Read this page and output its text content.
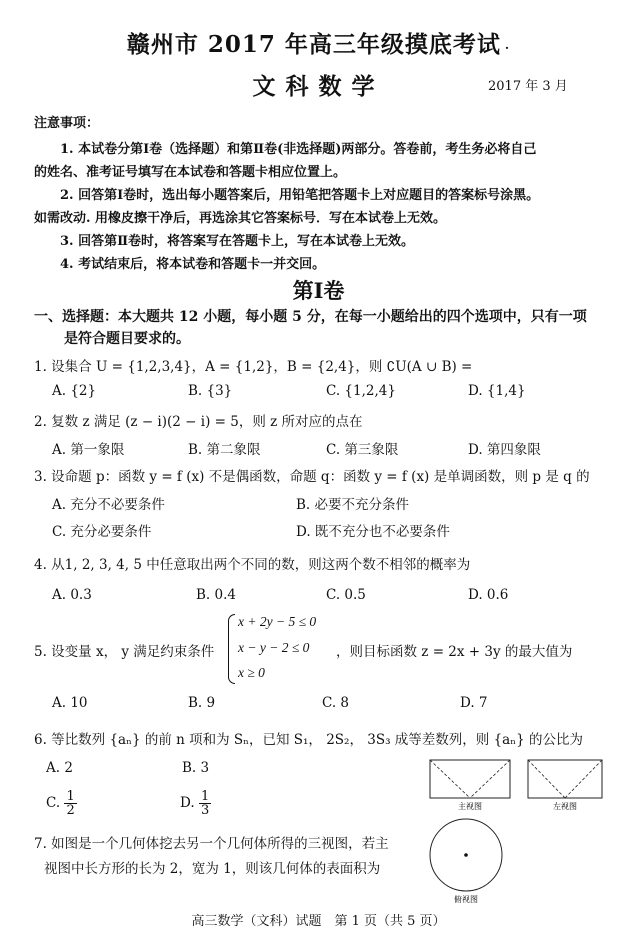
赣州市 2017 年高三年级摸底考试 ·
文科数学	2017 年 3 月
注意事项：
1. 本试卷分第Ⅰ卷（选择题）和第Ⅱ卷(非选择题)两部分。答卷前，考生务必将自己
的姓名、准考证号填写在本试卷和答题卡相应位置上。
2. 回答第Ⅰ卷时，选出每小题答案后，用铅笔把答题卡上对应题目的答案标号涂黑。
如需改动. 用橡皮擦干净后，再选涂其它答案标号．写在本试卷上无效。
3. 回答第Ⅱ卷时，将答案写在答题卡上，写在本试卷上无效。
4. 考试结束后，将本试卷和答题卡一并交回。
第Ⅰ卷
一、选择题：本大题共 12 小题，每小题 5 分，在每一小题给出的四个选项中，只有一项
是符合题目要求的。
1. 设集合 U = {1,2,3,4}，A = {1,2}，B = {2,4}，则 ∁U(A ∪ B) =
A. {2}	B. {3}	C. {1,2,4}	D. {1,4}
2. 复数 z 满足 (z − i)(2 − i) = 5，则 z 所对应的点在
A. 第一象限	B. 第二象限	C. 第三象限	D. 第四象限
3. 设命题 p：函数 y = f (x) 不是偶函数，命题 q：函数 y = f (x) 是单调函数，则 p 是 q 的
A. 充分不必要条件	B. 必要不充分条件
C. 充分必要条件	D. 既不充分也不必要条件
4. 从1, 2, 3, 4, 5 中任意取出两个不同的数，则这两个数不相邻的概率为
A. 0.3	B. 0.4	C. 0.5	D. 0.6
5. 设变量 x， y 满足约束条件
x + 2y − 5 ≤ 0
x − y − 2 ≤ 0
x ≥ 0
，则目标函数 z = 2x + 3y 的最大值为
A. 10	B. 9	C. 8	D. 7
6. 等比数列 {aₙ} 的前 n 项和为 Sₙ，已知 S₁， 2S₂， 3S₃ 成等差数列，则 {aₙ} 的公比为
A. 2	B. 3
C. $\frac{1}{2}$	D. $\frac{1}{3}$
7. 如图是一个几何体挖去另一个几何体所得的三视图，若主
视图中长方形的长为 2，宽为 1，则该几何体的表面积为
主视图	左视图
俯视图
高三数学（文科）试题　第 1 页（共 5 页）
